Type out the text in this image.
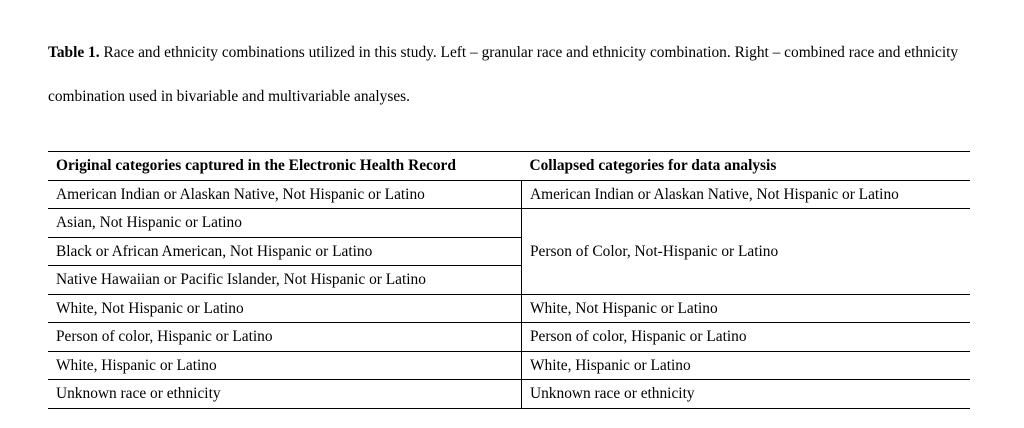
Table 1. Race and ethnicity combinations utilized in this study. Left – granular race and ethnicity combination. Right – combined race and ethnicity combination used in bivariable and multivariable analyses.

Original categories captured in the Electronic Health Record	Collapsed categories for data analysis
American Indian or Alaskan Native, Not Hispanic or Latino	American Indian or Alaskan Native, Not Hispanic or Latino
Asian, Not Hispanic or Latino	Person of Color, Not-Hispanic or Latino
Black or African American, Not Hispanic or Latino	
Native Hawaiian or Pacific Islander, Not Hispanic or Latino	
White, Not Hispanic or Latino	White, Not Hispanic or Latino
Person of color, Hispanic or Latino	Person of color, Hispanic or Latino
White, Hispanic or Latino	White, Hispanic or Latino
Unknown race or ethnicity	Unknown race or ethnicity
